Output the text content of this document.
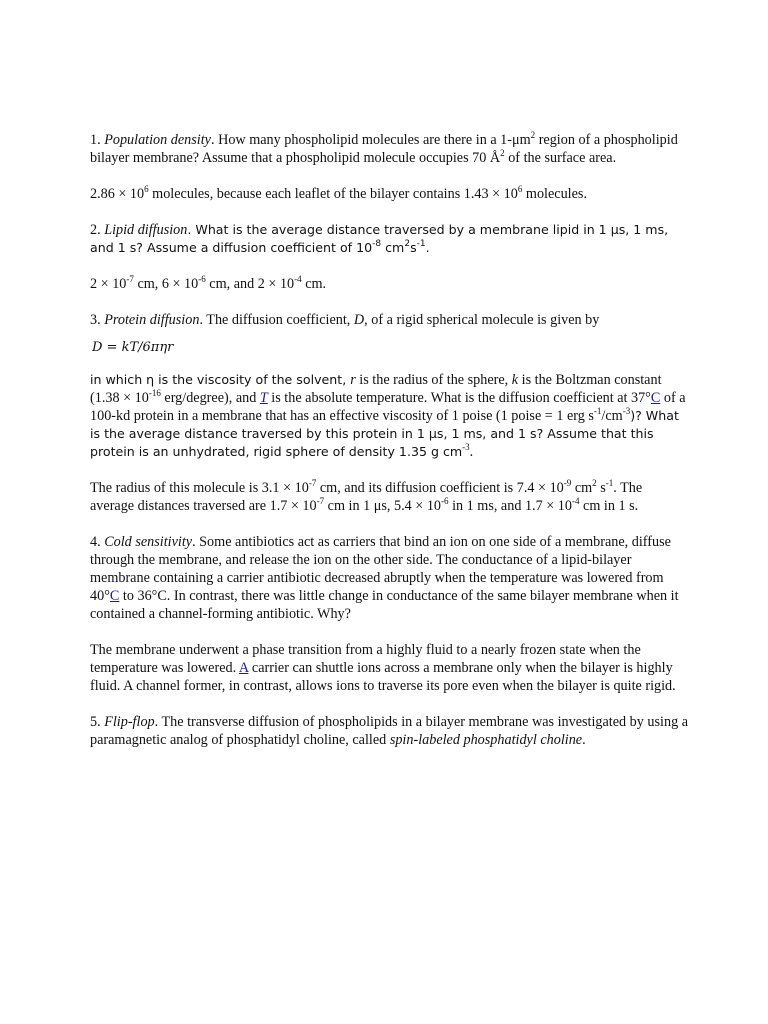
1. Population density. How many phospholipid molecules are there in a $1-\mu m^2$ region of a phospholipid bilayer membrane? Assume that a phospholipid molecule occupies 70 $Å^2$ of the surface area.

$2.86 \times 10^6$ molecules, because each leaflet of the bilayer contains $1.43 \times 10^6$ molecules.

2. Lipid diffusion. What is the average distance traversed by a membrane lipid in 1 μs, 1 ms, and 1 s? Assume a diffusion coefficient of $10^{-8}$ $cm^2s^{-1}$.

$2 \times 10^{-7}$ cm, $6 \times 10^{-6}$ cm, and $2 \times 10^{-4}$ cm.

3. Protein diffusion. The diffusion coefficient, D, of a rigid spherical molecule is given by

D = kT/6πηr

in which η is the viscosity of the solvent, r is the radius of the sphere, k is the Boltzman constant ($1.38 \times 10^{-16}$ erg/degree), and T is the absolute temperature. What is the diffusion coefficient at 37°C of a 100-kd protein in a membrane that has an effective viscosity of 1 poise (1 poise = 1 erg $s^{-1}/cm^{-3}$)? What is the average distance traversed by this protein in 1 μs, 1 ms, and 1 s? Assume that this protein is an unhydrated, rigid sphere of density 1.35 g $cm^{-3}$.

The radius of this molecule is $3.1 \times 10^{-7}$ cm, and its diffusion coefficient is $7.4 \times 10^{-9}$ $cm^2$ $s^{-1}$. The average distances traversed are $1.7 \times 10^{-7}$ cm in 1 μs, $5.4 \times 10^{-6}$ in 1 ms, and $1.7 \times 10^{-4}$ cm in 1 s.

4. Cold sensitivity. Some antibiotics act as carriers that bind an ion on one side of a membrane, diffuse through the membrane, and release the ion on the other side. The conductance of a lipid-bilayer membrane containing a carrier antibiotic decreased abruptly when the temperature was lowered from 40°C to 36°C. In contrast, there was little change in conductance of the same bilayer membrane when it contained a channel-forming antibiotic. Why?

The membrane underwent a phase transition from a highly fluid to a nearly frozen state when the temperature was lowered. A carrier can shuttle ions across a membrane only when the bilayer is highly fluid. A channel former, in contrast, allows ions to traverse its pore even when the bilayer is quite rigid.

5. Flip-flop. The transverse diffusion of phospholipids in a bilayer membrane was investigated by using a paramagnetic analog of phosphatidyl choline, called spin-labeled phosphatidyl choline.
